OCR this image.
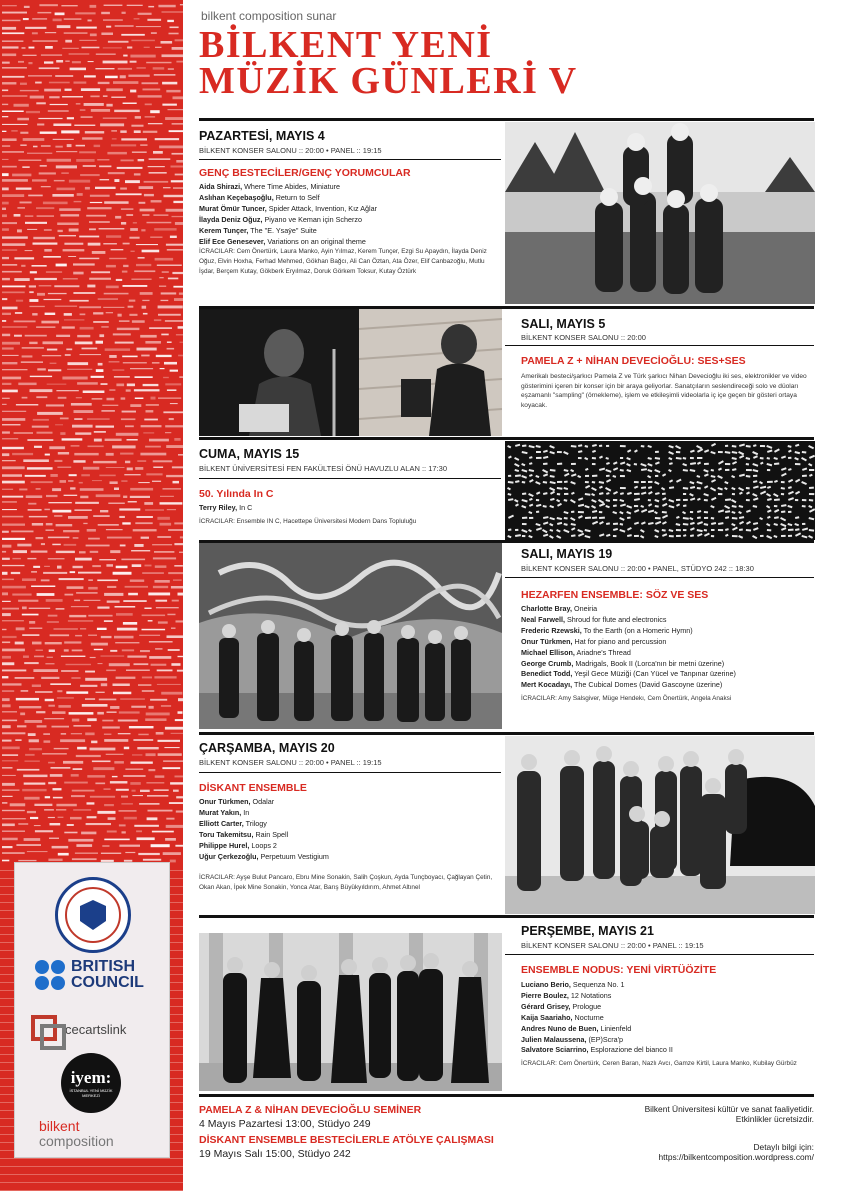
BRITISH
COUNCIL
cecartslink
iyem:
İSTANBUL YENİ MÜZİK MERKEZİ
bilkent
composition
bilkent composition sunar
BİLKENT YENİ
MÜZİK GÜNLERİ V
PAZARTESİ, MAYIS 4
BİLKENT KONSER SALONU :: 20:00 • PANEL :: 19:15
GENÇ BESTECİLER/GENÇ YORUMCULAR
Aida Shirazi, Where Time Abides, Miniature
Aslıhan Keçebaşoğlu, Return to Self
Murat Ömür Tuncer, Spider Attack, Invention, Kız Ağlar
İlayda Deniz Oğuz, Piyano ve Keman için Scherzo
Kerem Tunçer, The "E. Ysaÿe" Suite
Elif Ece Genesever, Variations on an original theme
İCRACILAR: Cem Önertürk, Laura Manko, Ayin Yılmaz, Kerem Tunçer, Ezgi Su Apaydın, İlayda Deniz Oğuz, Elvin Hoxha, Ferhad Mehmed, Gökhan Bağcı, Ali Can Öztan, Ata Özer, Elif Canbazoğlu, Mutlu İşdar, Berçem Kutay, Gökberk Eryılmaz, Doruk Görkem Toksur, Kutay Öztürk
SALI, MAYIS 5
BİLKENT KONSER SALONU :: 20:00
PAMELA Z + NİHAN DEVECİOĞLU: SES+SES
Amerikalı besteci/şarkıcı Pamela Z ve Türk şarkıcı Nihan Devecioğlu iki ses, elektronikler ve video gösterimini içeren bir konser için bir araya geliyorlar. Sanatçıların seslendireceği solo ve düoları eşzamanlı "sampling" (örnekleme), işlem ve etkileşimli videolarla iç içe geçen bir gösteri ortaya koyacak.
CUMA, MAYIS 15
BİLKENT ÜNİVERSİTESİ FEN FAKÜLTESİ ÖNÜ HAVUZLU ALAN :: 17:30
50. Yılında In C
Terry Riley, In C
İCRACILAR: Ensemble IN C, Hacettepe Üniversitesi Modern Dans Topluluğu
SALI, MAYIS 19
BİLKENT KONSER SALONU :: 20:00 • PANEL, STÜDYO 242 :: 18:30
HEZARFEN ENSEMBLE: SÖZ VE SES
Charlotte Bray, Oneiria
Neal Farwell, Shroud for flute and electronics
Frederic Rzewski, To the Earth (on a Homeric Hymn)
Onur Türkmen, Hat for piano and percussion
Michael Ellison, Ariadne's Thread
George Crumb, Madrigals, Book II (Lorca'nın bir metni üzerine)
Benedict Todd, Yeşil Gece Müziği (Can Yücel ve Tanpınar üzerine)
Mert Kocadayı, The Cubical Domes (David Gascoyne üzerine)
İCRACILAR: Amy Salsgiver, Müge Hendekı, Cem Önertürk, Angela Anaksi
ÇARŞAMBA, MAYIS 20
BİLKENT KONSER SALONU :: 20:00 • PANEL :: 19:15
DİSKANT ENSEMBLE
Onur Türkmen, Odalar
Murat Yakın, In
Elliott Carter, Trilogy
Toru Takemitsu, Rain Spell
Philippe Hurel, Loops 2
Uğur Çerkezoğlu, Perpetuum Vestigium
İCRACILAR: Ayşe Bulut Pancaro, Ebru Mine Sonakin, Salih Çoşkun, Ayda Tunçboyacı, Çağlayan Çetin, Okan Akan, İpek Mine Sonakin, Yonca Atar, Barış Büyükyıldırım, Ahmet Altınel
PERŞEMBE, MAYIS 21
BİLKENT KONSER SALONU :: 20:00 • PANEL :: 19:15
ENSEMBLE NODUS: YENİ VİRTÜÖZİTE
Luciano Berio, Sequenza No. 1
Pierre Boulez, 12 Notations
Gérard Grisey, Prologue
Kaija Saariaho, Nocturne
Andres Nuno de Buen, Linienfeld
Julien Malaussena, (EP)Scra'p
Salvatore Sciarrino, Esplorazione del bianco II
İCRACILAR: Cem Önertürk, Ceren Baran, Nazlı Avcı, Gamze Kirtil, Laura Manko, Kubilay Gürbüz
PAMELA Z & NİHAN DEVECİOĞLU SEMİNER
4 Mayıs Pazartesi 13:00, Stüdyo 249
DİSKANT ENSEMBLE BESTECİLERLE ATÖLYE ÇALIŞMASI
19 Mayıs Salı 15:00, Stüdyo 242
Bilkent Üniversitesi kültür ve sanat faaliyetidir.
Etkinlikler ücretsizdir.
Detaylı bilgi için:
https://bilkentcomposition.wordpress.com/
